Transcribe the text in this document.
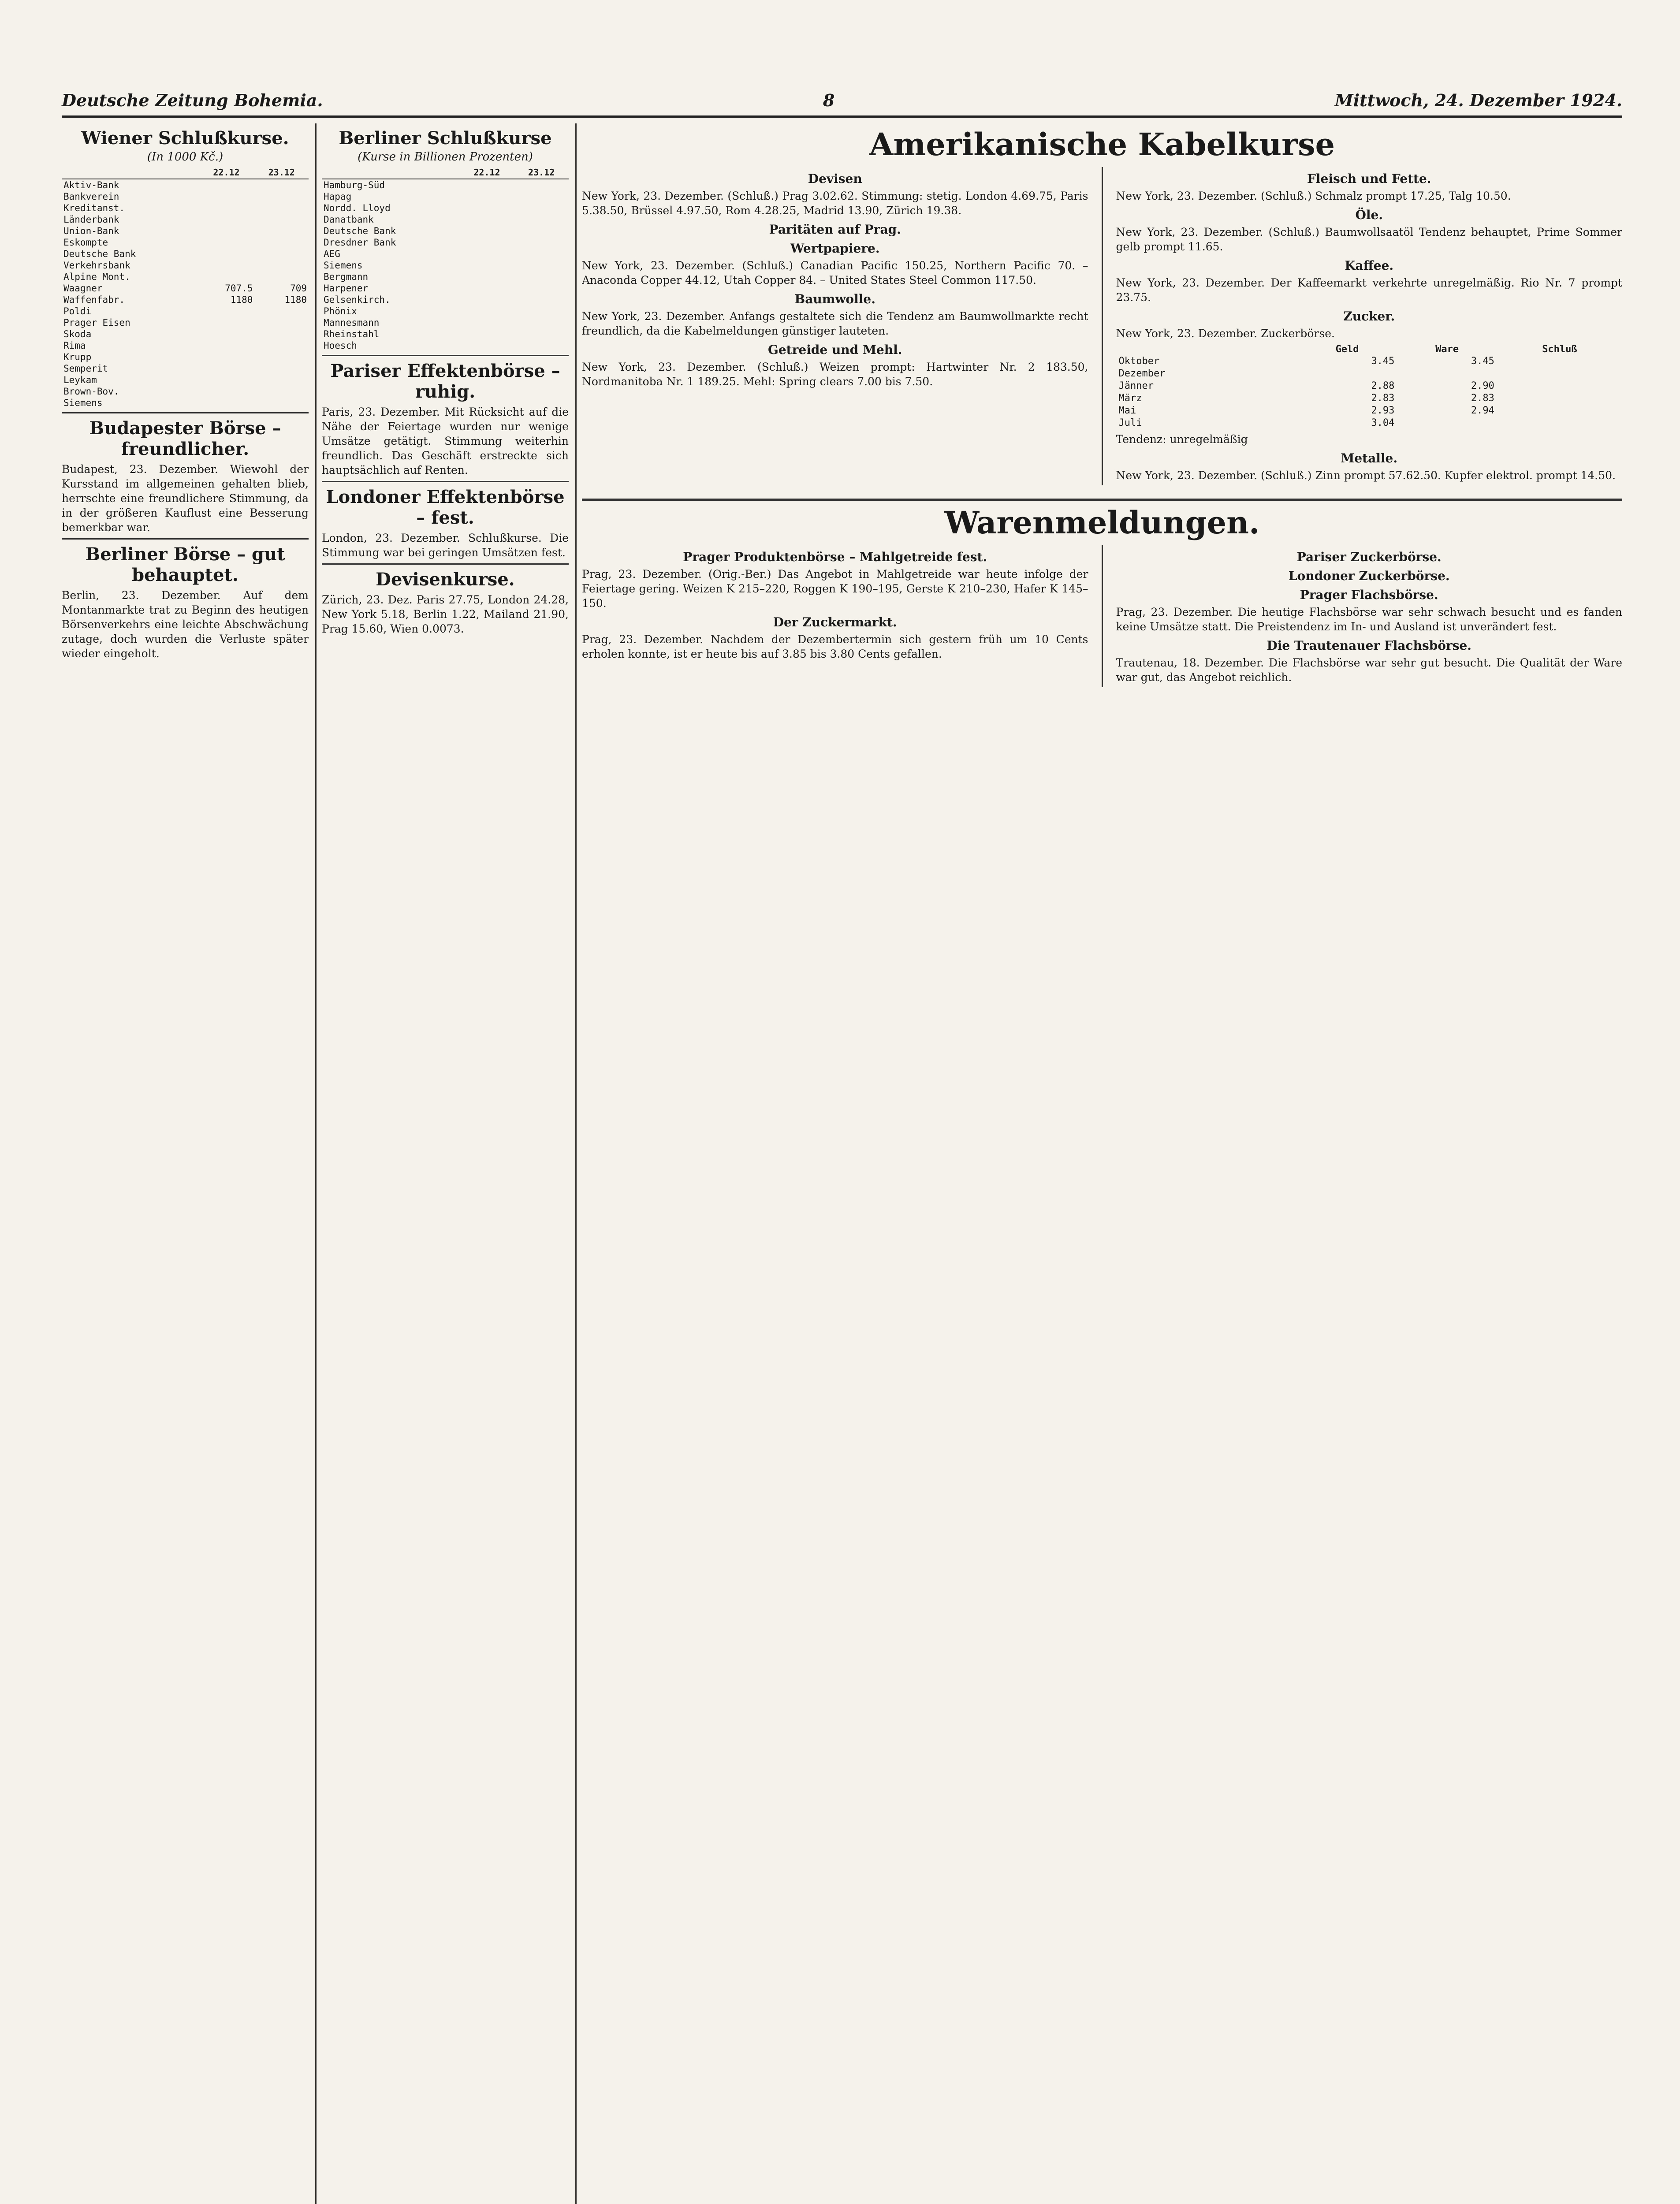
Deutsche Zeitung Bohemia.	8	Mittwoch, 24. Dezember 1924.
Wiener Schlußkurse.
(In 1000 Kč.)
	22.12	23.12
Aktiv-Bank		
Bankverein		
Kreditanst.		
Länderbank		
Union-Bank		
Eskompte		
Deutsche Bank		
Verkehrsbank		
Alpine Mont.		
Waagner	707.5	709
Waffenfabr.	1180	1180
Poldi		
Prager Eisen		
Skoda		
Rima		
Krupp		
Semperit		
Leykam		
Brown-Bov.		
Siemens		
Budapester Börse – freundlicher.
Budapest, 23. Dezember. Wiewohl der Kursstand im allgemeinen gehalten blieb, herrschte eine freundlichere Stimmung, da in der größeren Kauflust eine Besserung bemerkbar war.
Berliner Börse – gut behauptet.
Berlin, 23. Dezember. Auf dem Montanmarkte trat zu Beginn des heutigen Börsenverkehrs eine leichte Abschwächung zutage, doch wurden die Verluste später wieder eingeholt.
Berliner Schlußkurse
(Kurse in Billionen Prozenten)
	22.12	23.12
Hamburg-Süd		
Hapag		
Nordd. Lloyd		
Danatbank		
Deutsche Bank		
Dresdner Bank		
AEG		
Siemens		
Bergmann		
Harpener		
Gelsenkirch.		
Phönix		
Mannesmann		
Rheinstahl		
Hoesch		
Pariser Effektenbörse – ruhig.
Paris, 23. Dezember. Mit Rücksicht auf die Nähe der Feiertage wurden nur wenige Umsätze getätigt. Stimmung weiterhin freundlich. Das Geschäft erstreckte sich hauptsächlich auf Renten.
Londoner Effektenbörse – fest.
London, 23. Dezember. Schlußkurse. Die Stimmung war bei geringen Umsätzen fest.
Devisenkurse.
Zürich, 23. Dez. Paris 27.75, London 24.28, New York 5.18, Berlin 1.22, Mailand 21.90, Prag 15.60, Wien 0.0073.
Amerikanische Kabelkurse
Devisen
New York, 23. Dezember. (Schluß.) Prag 3.02.62. Stimmung: stetig. London 4.69.75, Paris 5.38.50, Brüssel 4.97.50, Rom 4.28.25, Madrid 13.90, Zürich 19.38.
Paritäten auf Prag.
Wertpapiere.
New York, 23. Dezember. (Schluß.) Canadian Pacific 150.25, Northern Pacific 70. – Anaconda Copper 44.12, Utah Copper 84. – United States Steel Common 117.50.
Baumwolle.
New York, 23. Dezember. Anfangs gestaltete sich die Tendenz am Baumwollmarkte recht freundlich, da die Kabelmeldungen günstiger lauteten.
Getreide und Mehl.
New York, 23. Dezember. (Schluß.) Weizen prompt: Hartwinter Nr. 2 183.50, Nordmanitoba Nr. 1 189.25. Mehl: Spring clears 7.00 bis 7.50.
Fleisch und Fette.
New York, 23. Dezember. (Schluß.) Schmalz prompt 17.25, Talg 10.50.
Öle.
New York, 23. Dezember. (Schluß.) Baumwollsaatöl Tendenz behauptet, Prime Sommer gelb prompt 11.65.
Kaffee.
New York, 23. Dezember. Der Kaffeemarkt verkehrte unregelmäßig. Rio Nr. 7 prompt 23.75.
Zucker.
New York, 23. Dezember. Zuckerbörse.
	Geld	Ware	Schluß
Oktober	3.45	3.45	
Dezember			
Jänner	2.88	2.90	
März	2.83	2.83	
Mai	2.93	2.94	
Juli	3.04		
Tendenz: unregelmäßig
Metalle.
New York, 23. Dezember. (Schluß.) Zinn prompt 57.62.50. Kupfer elektrol. prompt 14.50.
Warenmeldungen.
Prager Produktenbörse – Mahlgetreide fest.
Prag, 23. Dezember. (Orig.-Ber.) Das Angebot in Mahlgetreide war heute infolge der Feiertage gering. Weizen K 215–220, Roggen K 190–195, Gerste K 210–230, Hafer K 145–150.
Der Zuckermarkt.
Prag, 23. Dezember. Nachdem der Dezembertermin sich gestern früh um 10 Cents erholen konnte, ist er heute bis auf 3.85 bis 3.80 Cents gefallen.
Pariser Zuckerbörse.
Londoner Zuckerbörse.
Prager Flachsbörse.
Prag, 23. Dezember. Die heutige Flachsbörse war sehr schwach besucht und es fanden keine Umsätze statt. Die Preistendenz im In- und Ausland ist unverändert fest.
Die Trautenauer Flachsbörse.
Trautenau, 18. Dezember. Die Flachsbörse war sehr gut besucht. Die Qualität der Ware war gut, das Angebot reichlich.
